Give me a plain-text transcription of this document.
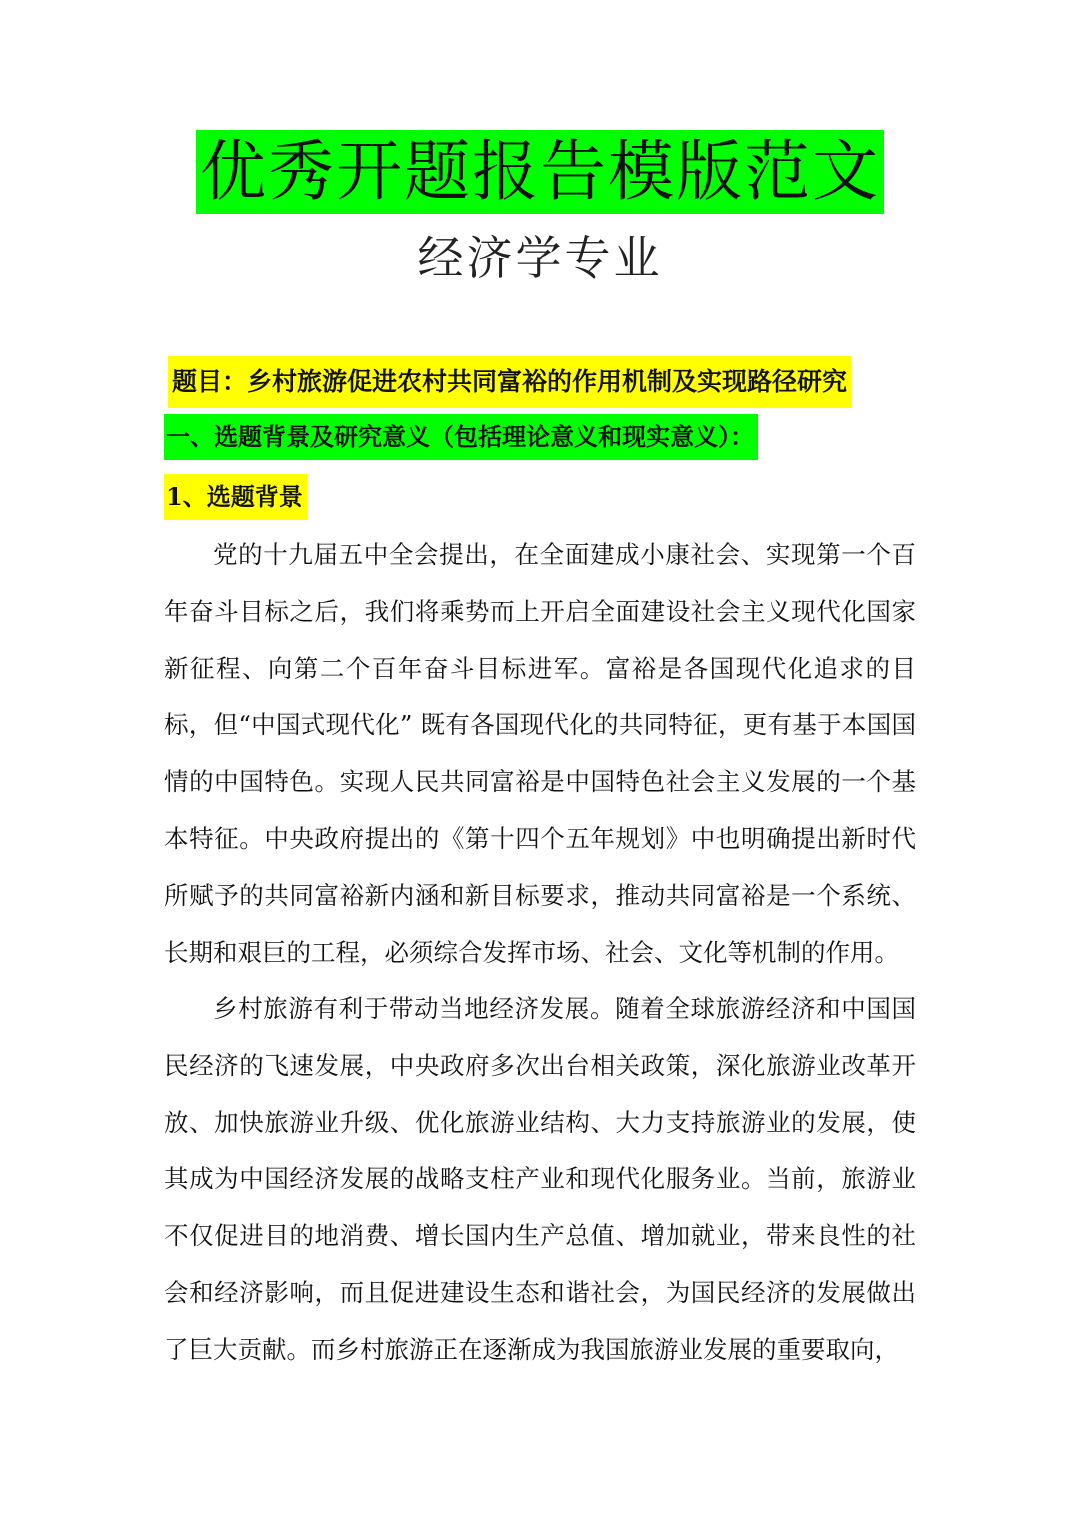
优秀开题报告模版范文
经济学专业
题目：乡村旅游促进农村共同富裕的作用机制及实现路径研究
一、选题背景及研究意义（包括理论意义和现实意义）：
1、选题背景

党的十九届五中全会提出，在全面建成小康社会、实现第一个百年奋斗目标之后，我们将乘势而上开启全面建设社会主义现代化国家新征程、向第二个百年奋斗目标进军。富裕是各国现代化追求的目标，但“中国式现代化” 既有各国现代化的共同特征，更有基于本国国情的中国特色。实现人民共同富裕是中国特色社会主义发展的一个基本特征。中央政府提出的《第十四个五年规划》中也明确提出新时代所赋予的共同富裕新内涵和新目标要求，推动共同富裕是一个系统、长期和艰巨的工程，必须综合发挥市场、社会、文化等机制的作用。

乡村旅游有利于带动当地经济发展。随着全球旅游经济和中国国民经济的飞速发展，中央政府多次出台相关政策，深化旅游业改革开放、加快旅游业升级、优化旅游业结构、大力支持旅游业的发展，使其成为中国经济发展的战略支柱产业和现代化服务业。当前，旅游业不仅促进目的地消费、增长国内生产总值、增加就业，带来良性的社会和经济影响，而且促进建设生态和谐社会，为国民经济的发展做出了巨大贡献。而乡村旅游正在逐渐成为我国旅游业发展的重要取向，
